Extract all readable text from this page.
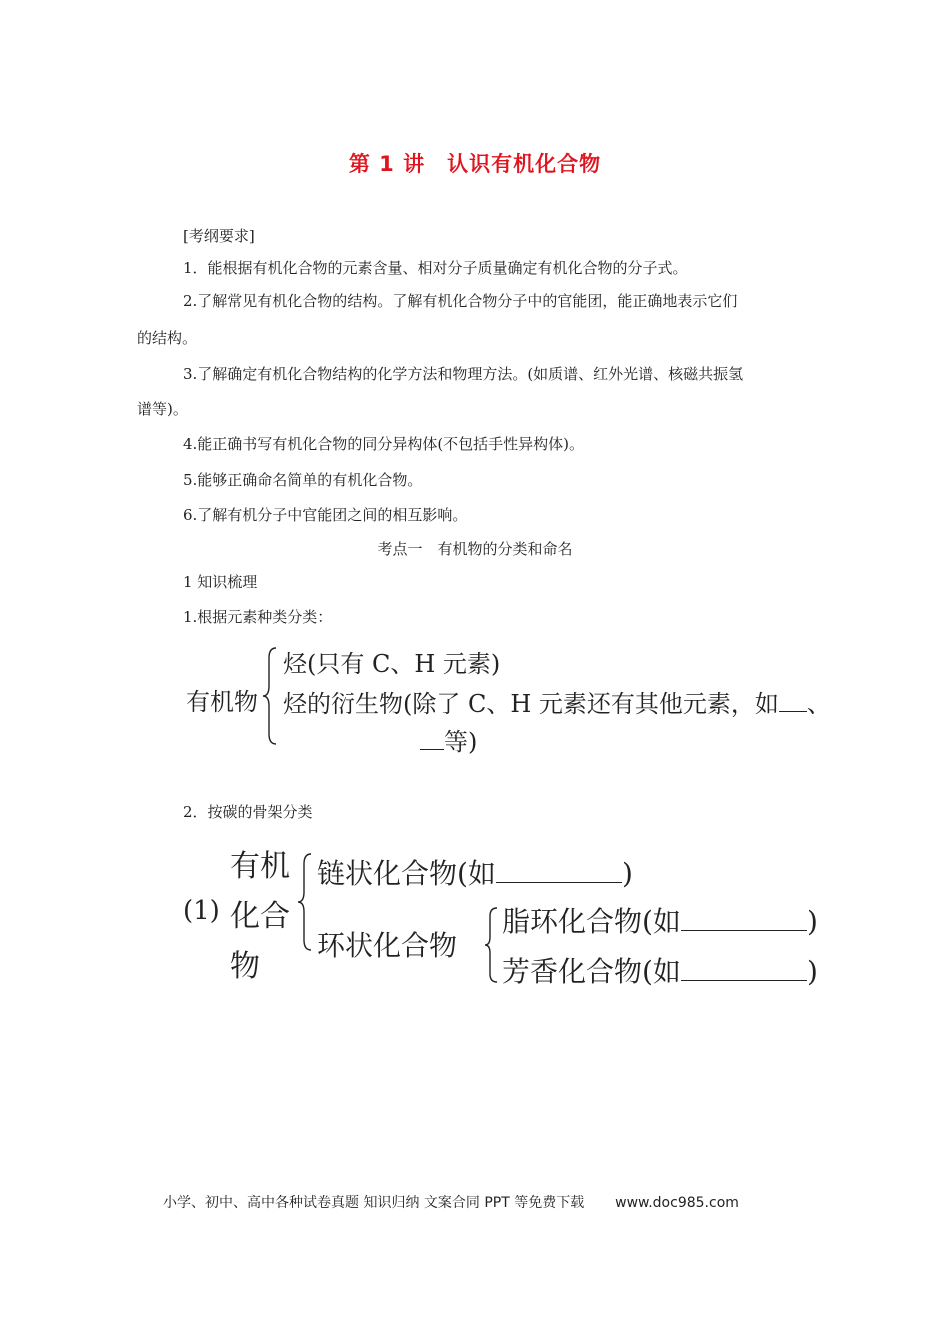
第 1 讲　认识有机化合物
[考纲要求]
1．能根据有机化合物的元素含量、相对分子质量确定有机化合物的分子式。
2.了解常见有机化合物的结构。了解有机化合物分子中的官能团，能正确地表示它们
的结构。
3.了解确定有机化合物结构的化学方法和物理方法。(如质谱、红外光谱、核磁共振氢
谱等)。
4.能正确书写有机化合物的同分异构体(不包括手性异构体)。
5.能够正确命名简单的有机化合物。
6.了解有机分子中官能团之间的相互影响。
考点一　有机物的分类和命名
1 知识梳理
1.根据元素种类分类：
有机物
烃(只有 C、H 元素)
烃的衍生物(除了 C、H 元素还有其他元素，如 、
等)
2．按碳的骨架分类
(1)
有机
化合
物
链状化合物(如	)
环状化合物
脂环化合物(如	)
芳香化合物(如	)
小学、初中、高中各种试卷真题 知识归纳 文案合同 PPT 等免费下载 www.doc985.com
